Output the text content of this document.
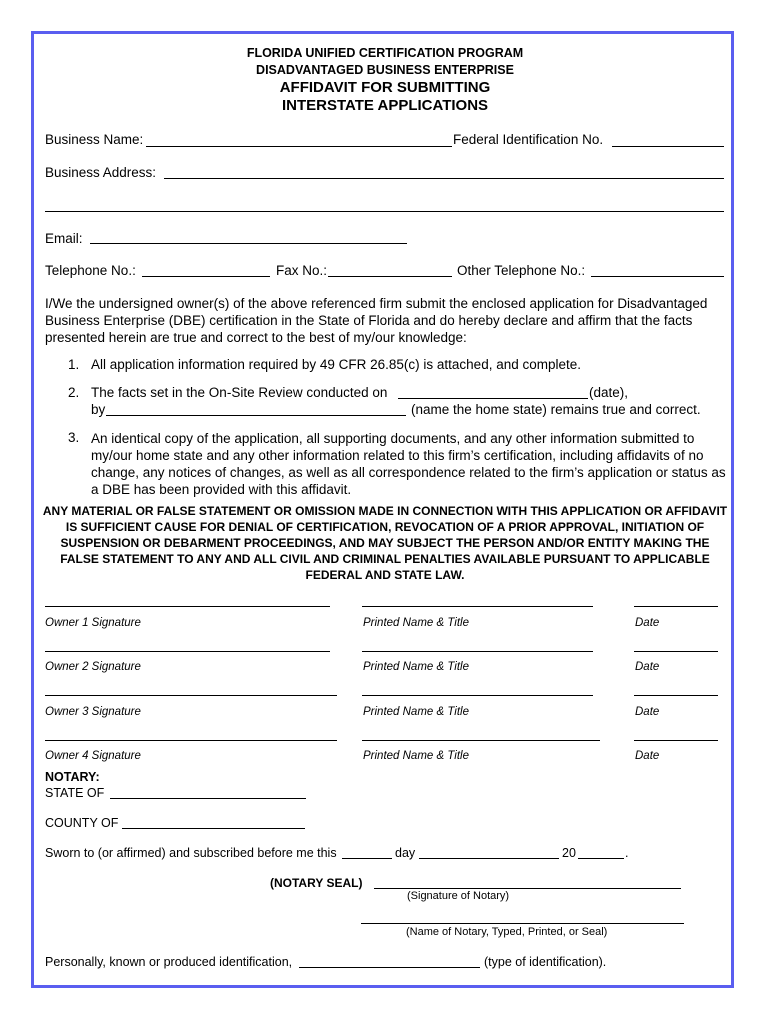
FLORIDA UNIFIED CERTIFICATION PROGRAM
DISADVANTAGED BUSINESS ENTERPRISE
AFFIDAVIT FOR SUBMITTING
INTERSTATE APPLICATIONS
Business Name:	Federal Identification No.
Business Address:
Email:
Telephone No.:	Fax No.:	Other Telephone No.:
I/We the undersigned owner(s) of the above referenced firm submit the enclosed application for Disadvantaged Business Enterprise (DBE) certification in the State of Florida and do hereby declare and affirm that the facts presented herein are true and correct to the best of my/our knowledge:
1. All application information required by 49 CFR 26.85(c) is attached, and complete.
2. The facts set in the On-Site Review conducted on	(date),
by	(name the home state) remains true and correct.
3. An identical copy of the application, all supporting documents, and any other information submitted to my/our home state and any other information related to this firm’s certification, including affidavits of no change, any notices of changes, as well as all correspondence related to the firm’s application or status as a DBE has been provided with this affidavit.
ANY MATERIAL OR FALSE STATEMENT OR OMISSION MADE IN CONNECTION WITH THIS APPLICATION OR AFFIDAVIT IS SUFFICIENT CAUSE FOR DENIAL OF CERTIFICATION, REVOCATION OF A PRIOR APPROVAL, INITIATION OF SUSPENSION OR DEBARMENT PROCEEDINGS, AND MAY SUBJECT THE PERSON AND/OR ENTITY MAKING THE FALSE STATEMENT TO ANY AND ALL CIVIL AND CRIMINAL PENALTIES AVAILABLE PURSUANT TO APPLICABLE FEDERAL AND STATE LAW.
Owner 1 Signature	Printed Name & Title	Date
Owner 2 Signature	Printed Name & Title	Date
Owner 3 Signature	Printed Name & Title	Date
Owner 4 Signature	Printed Name & Title	Date
NOTARY:
STATE OF
COUNTY OF
Sworn to (or affirmed) and subscribed before me this	day	20	.
(NOTARY SEAL)
(Signature of Notary)
(Name of Notary, Typed, Printed, or Seal)
Personally, known or produced identification,	(type of identification).
